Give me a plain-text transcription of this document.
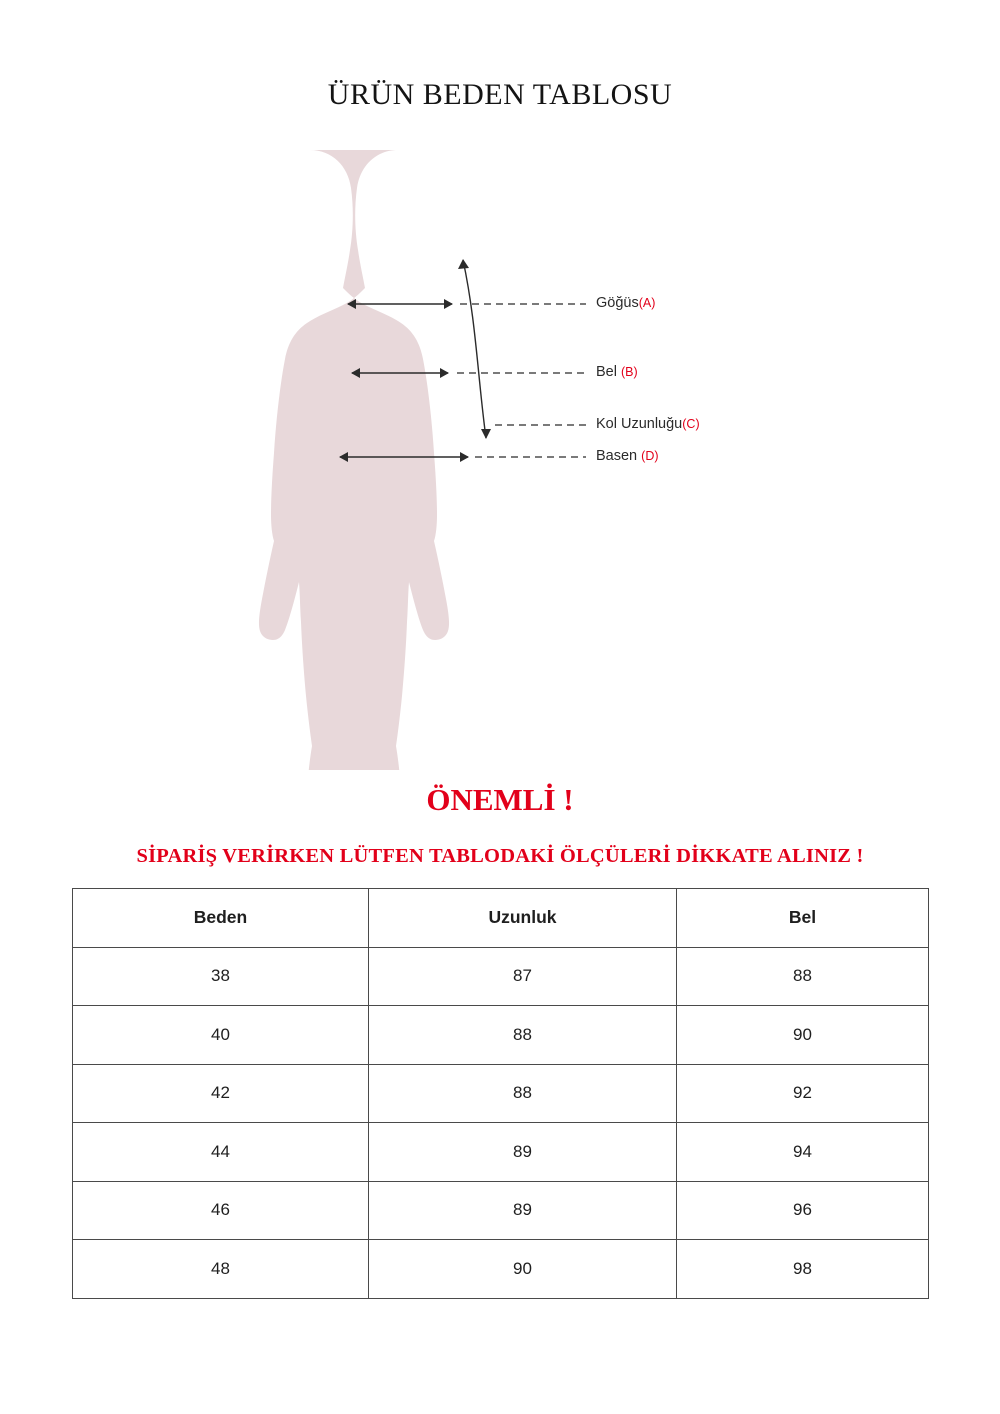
ÜRÜN BEDEN TABLOSU
Göğüs(A)
Bel (B)
Kol Uzunluğu(C)
Basen (D)
ÖNEMLİ !
SİPARİŞ VERİRKEN LÜTFEN TABLODAKİ ÖLÇÜLERİ DİKKATE ALINIZ !
Beden	Uzunluk	Bel
38	87	88
40	88	90
42	88	92
44	89	94
46	89	96
48	90	98
